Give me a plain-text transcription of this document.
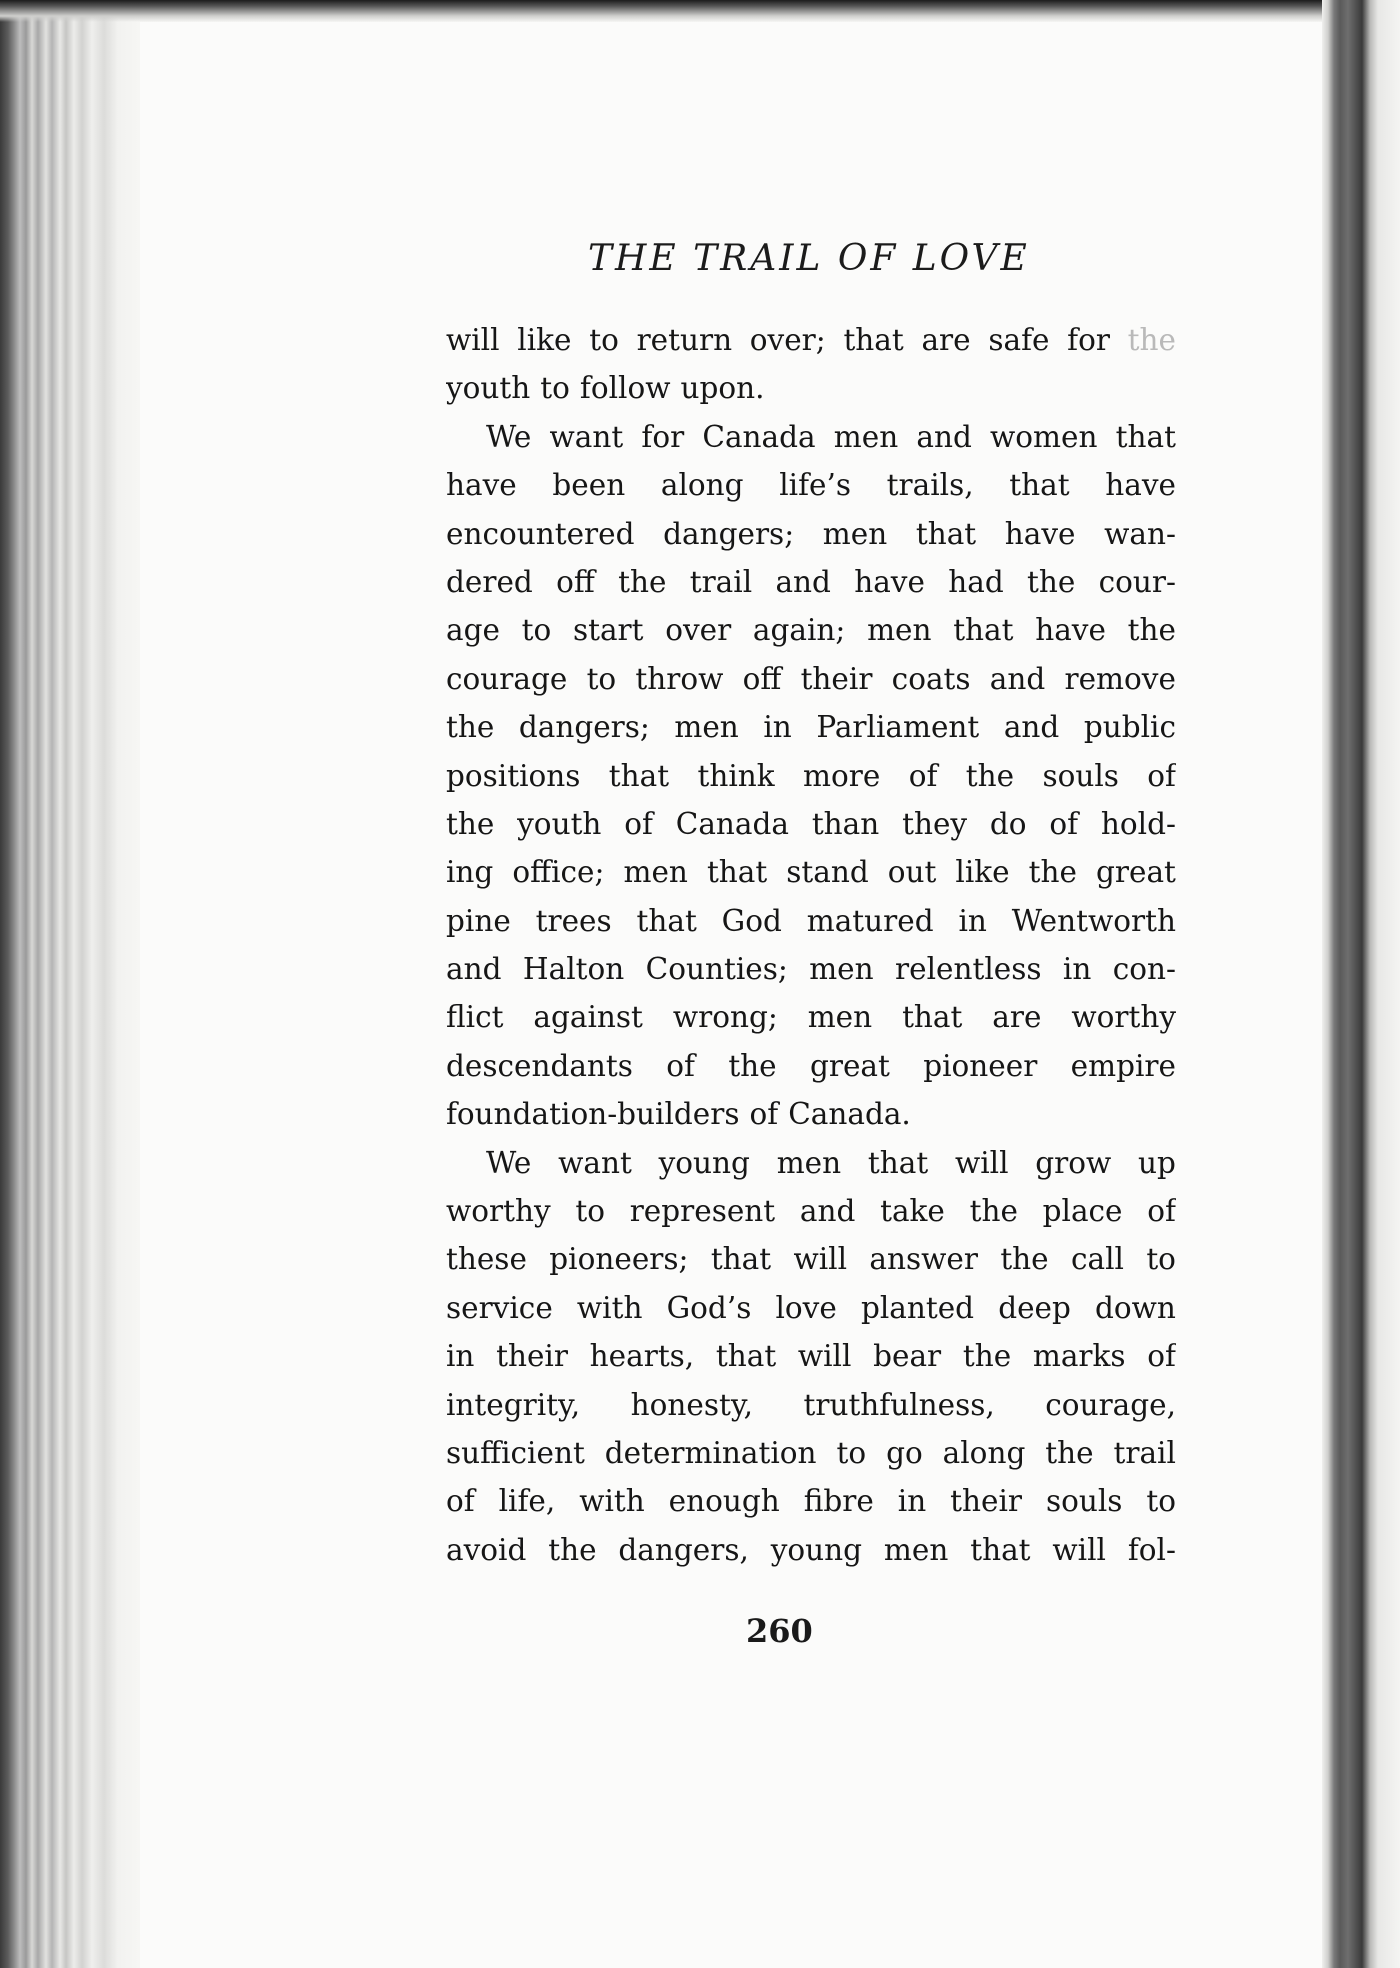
THE TRAIL OF LOVE
will like to return over; that are safe for the
youth to follow upon.
We want for Canada men and women that
have been along life’s trails, that have
encountered dangers; men that have wan-
dered off the trail and have had the cour-
age to start over again; men that have the
courage to throw off their coats and remove
the dangers; men in Parliament and public
positions that think more of the souls of
the youth of Canada than they do of hold-
ing office; men that stand out like the great
pine trees that God matured in Wentworth
and Halton Counties; men relentless in con-
flict against wrong; men that are worthy
descendants of the great pioneer empire
foundation-builders of Canada.
We want young men that will grow up
worthy to represent and take the place of
these pioneers; that will answer the call to
service with God’s love planted deep down
in their hearts, that will bear the marks of
integrity, honesty, truthfulness, courage,
sufficient determination to go along the trail
of life, with enough fibre in their souls to
avoid the dangers, young men that will fol-
260
